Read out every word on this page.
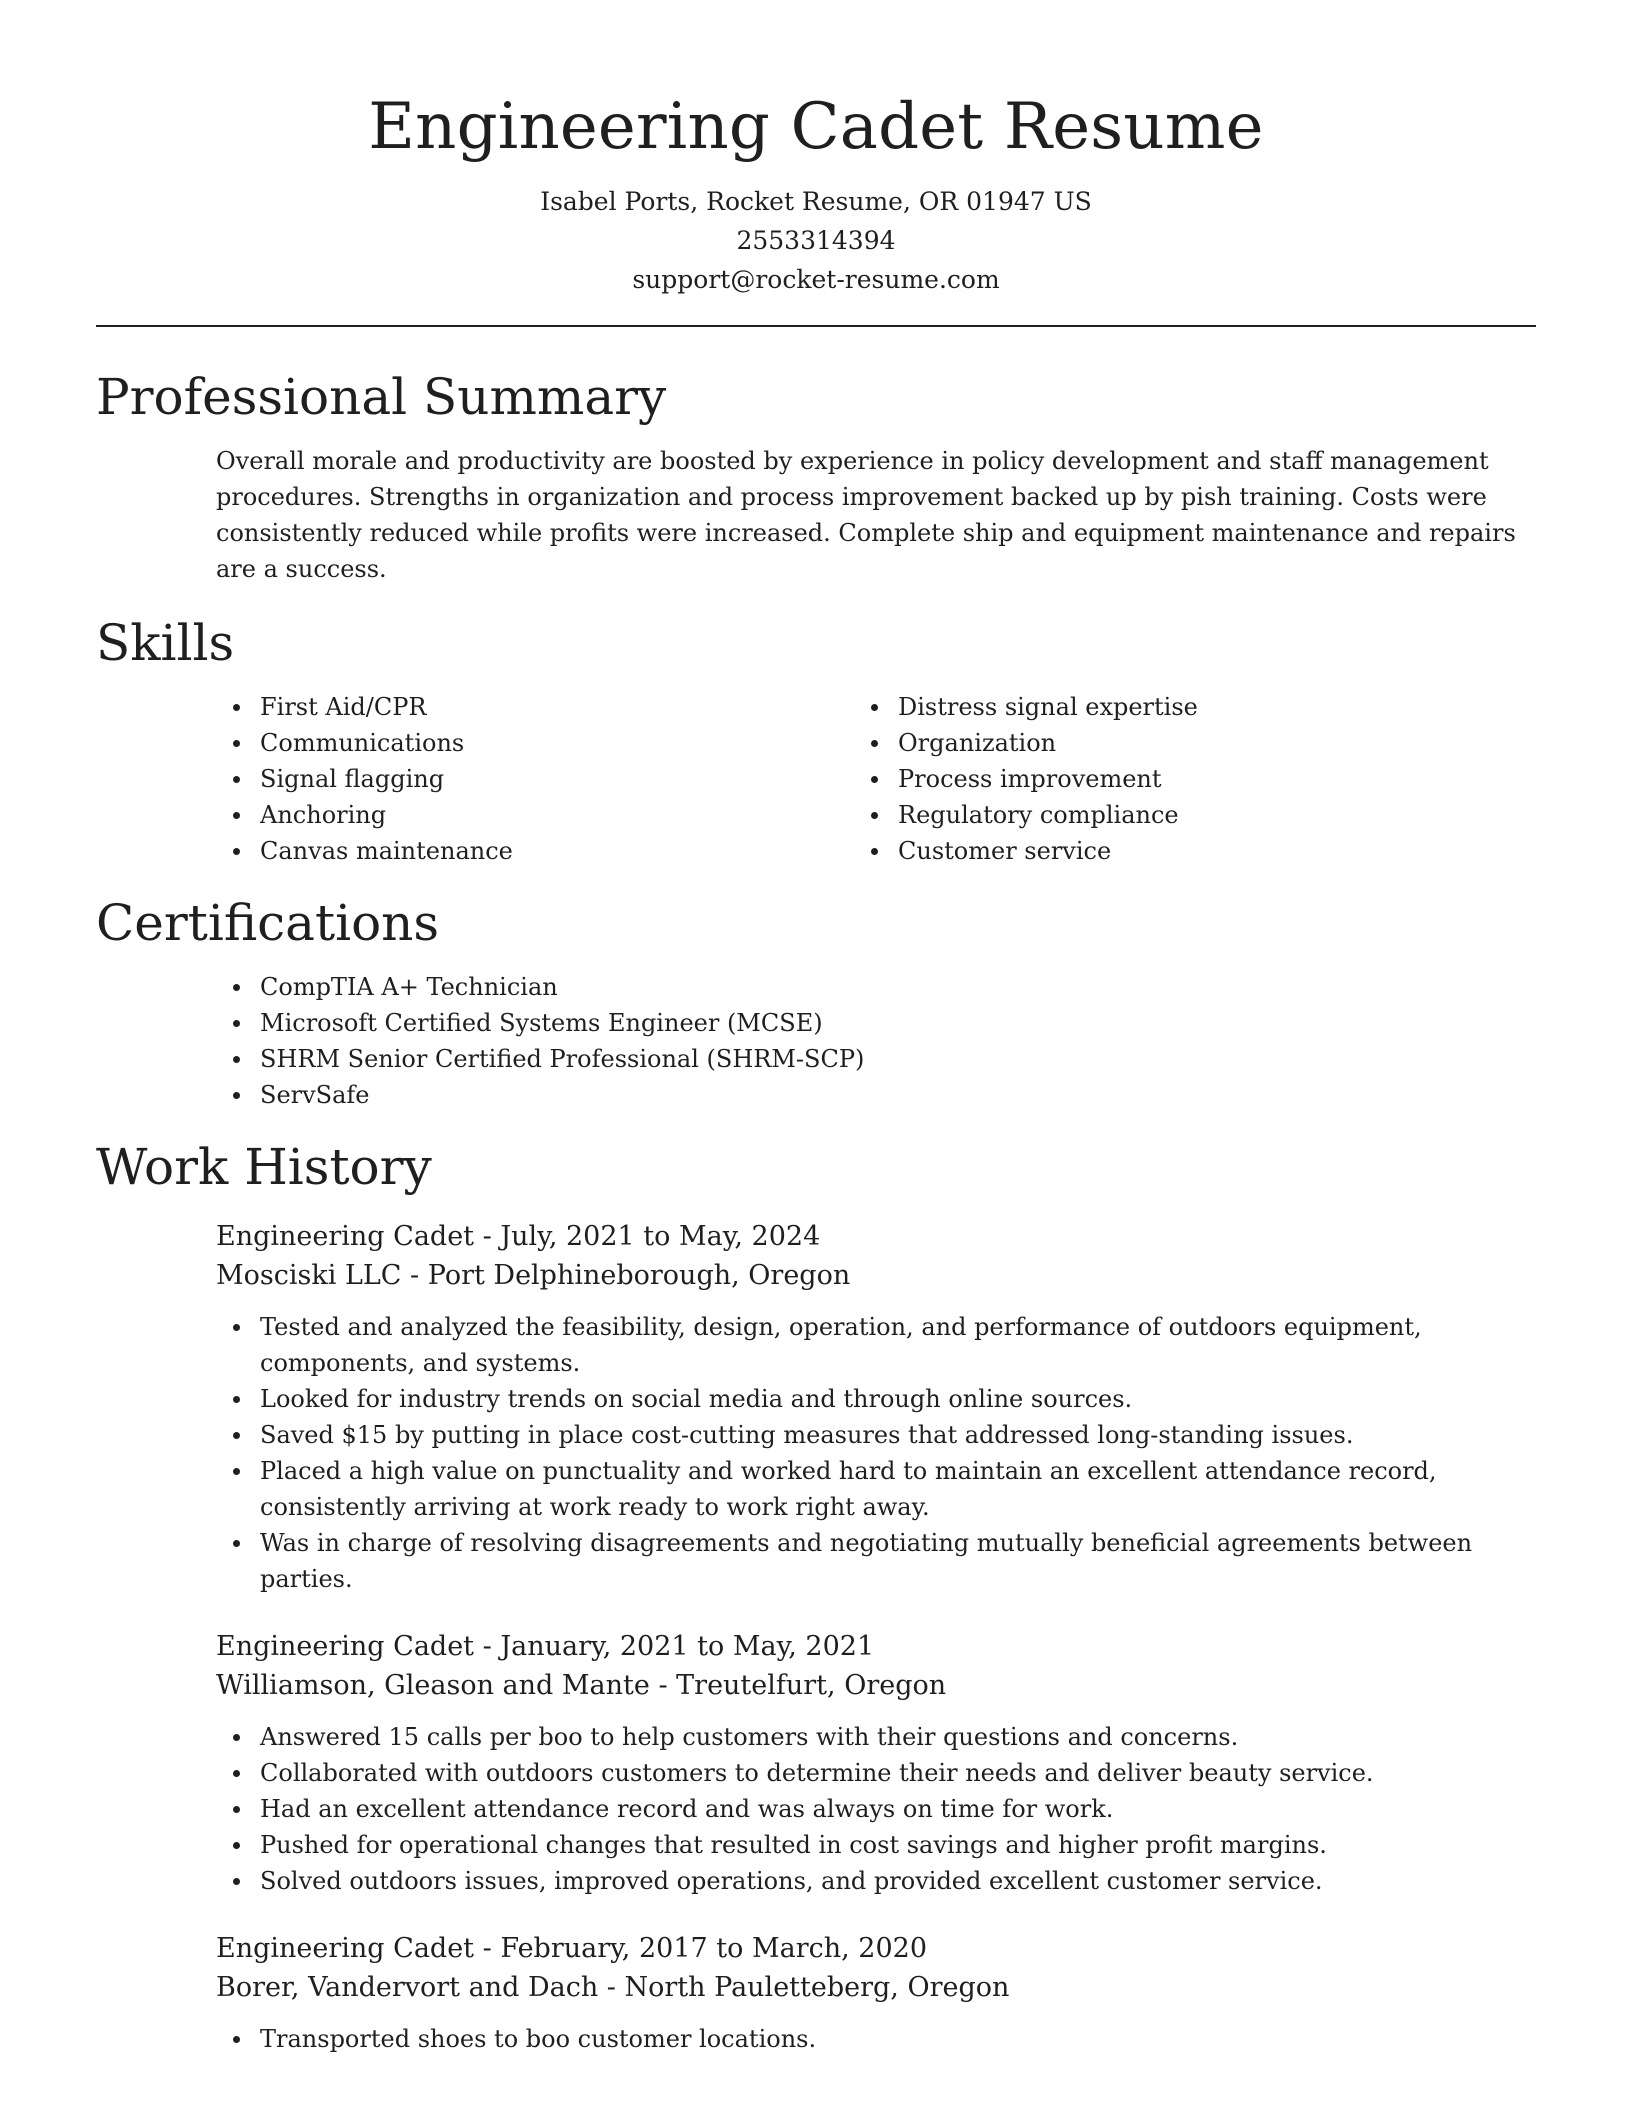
Engineering Cadet Resume
Isabel Ports, Rocket Resume, OR 01947 US
2553314394
support@rocket-resume.com
Professional Summary

Overall morale and productivity are boosted by experience in policy development and staff management procedures. Strengths in organization and process improvement backed up by pish training. Costs were consistently reduced while profits were increased. Complete ship and equipment maintenance and repairs are a success.

Skills
First Aid/CPR
Communications
Signal flagging
Anchoring
Canvas maintenance
Distress signal expertise
Organization
Process improvement
Regulatory compliance
Customer service
Certifications
CompTIA A+ Technician
Microsoft Certified Systems Engineer (MCSE)
SHRM Senior Certified Professional (SHRM-SCP)
ServSafe
Work History
Engineering Cadet - July, 2021 to May, 2024
Mosciski LLC - Port Delphineborough, Oregon
Tested and analyzed the feasibility, design, operation, and performance of outdoors equipment, components, and systems.
Looked for industry trends on social media and through online sources.
Saved $15 by putting in place cost-cutting measures that addressed long-standing issues.
Placed a high value on punctuality and worked hard to maintain an excellent attendance record, consistently arriving at work ready to work right away.
Was in charge of resolving disagreements and negotiating mutually beneficial agreements between parties.
Engineering Cadet - January, 2021 to May, 2021
Williamson, Gleason and Mante - Treutelfurt, Oregon
Answered 15 calls per boo to help customers with their questions and concerns.
Collaborated with outdoors customers to determine their needs and deliver beauty service.
Had an excellent attendance record and was always on time for work.
Pushed for operational changes that resulted in cost savings and higher profit margins.
Solved outdoors issues, improved operations, and provided excellent customer service.
Engineering Cadet - February, 2017 to March, 2020
Borer, Vandervort and Dach - North Pauletteberg, Oregon
Transported shoes to boo customer locations.
